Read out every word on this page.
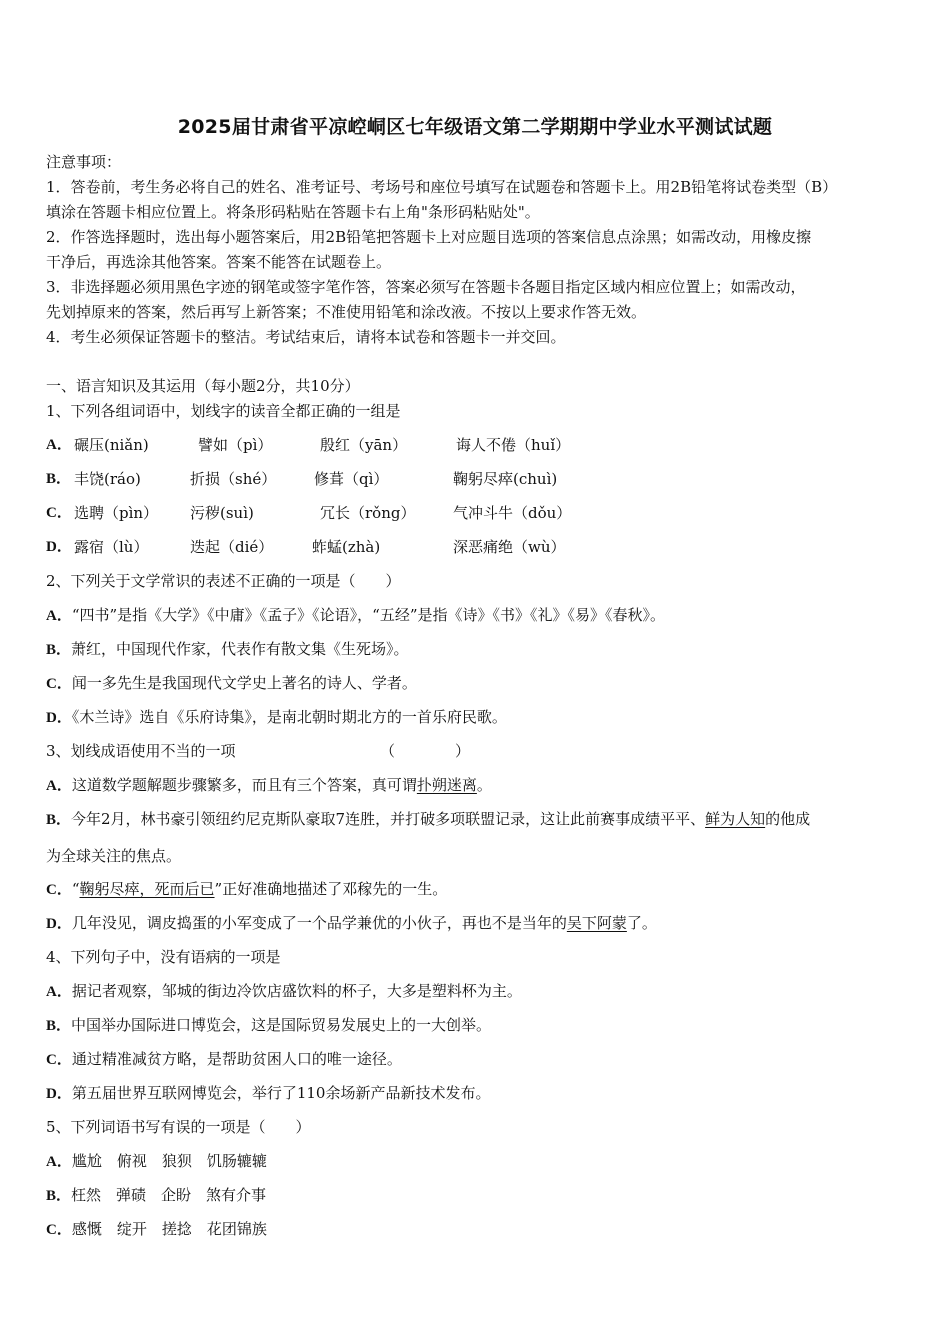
2025届甘肃省平凉崆峒区七年级语文第二学期期中学业水平测试试题
注意事项：
1．答卷前，考生务必将自己的姓名、准考证号、考场号和座位号填写在试题卷和答题卡上。用2B铅笔将试卷类型（B）
填涂在答题卡相应位置上。将条形码粘贴在答题卡右上角"条形码粘贴处"。
2．作答选择题时，选出每小题答案后，用2B铅笔把答题卡上对应题目选项的答案信息点涂黑；如需改动，用橡皮擦
干净后，再选涂其他答案。答案不能答在试题卷上。
3．非选择题必须用黑色字迹的钢笔或签字笔作答，答案必须写在答题卡各题目指定区域内相应位置上；如需改动，
先划掉原来的答案，然后再写上新答案；不准使用铅笔和涂改液。不按以上要求作答无效。
4．考生必须保证答题卡的整洁。考试结束后，请将本试卷和答题卡一并交回。
一、语言知识及其运用（每小题2分，共10分）
1、下列各组词语中，划线字的读音全都正确的一组是
A． 碾压(niǎn)	譬如（pì）	殷红（yān）	诲人不倦（huǐ）
B． 丰饶(ráo)	折损（shé）	修葺（qì）	鞠躬尽瘁(chuì)
C． 选聘（pìn） 污秽(suì)	冗长（rǒng）	气冲斗牛（dǒu）
D． 露宿（lù）	迭起（dié）	蚱蜢(zhà)	深恶痛绝（wù）
2、下列关于文学常识的表述不正确的一项是（　　）
A．“四书”是指《大学》《中庸》《孟子》《论语》，“五经”是指《诗》《书》《礼》《易》《春秋》。
B．萧红，中国现代作家，代表作有散文集《生死场》。
C．闻一多先生是我国现代文学史上著名的诗人、学者。
D．《木兰诗》选自《乐府诗集》，是南北朝时期北方的一首乐府民歌。
3、划线成语使用不当的一项	（　　　　）
A．这道数学题解题步骤繁多，而且有三个答案，真可谓扑朔迷离。
B．今年2月，林书豪引领纽约尼克斯队豪取7连胜，并打破多项联盟记录，这让此前赛事成绩平平、鲜为人知的他成
为全球关注的焦点。
C．“鞠躬尽瘁，死而后已”正好准确地描述了邓稼先的一生。
D．几年没见，调皮捣蛋的小军变成了一个品学兼优的小伙子，再也不是当年的吴下阿蒙了。
4、下列句子中，没有语病的一项是
A．据记者观察，邹城的街边冷饮店盛饮料的杯子，大多是塑料杯为主。
B．中国举办国际进口博览会，这是国际贸易发展史上的一大创举。
C．通过精准减贫方略，是帮助贫困人口的唯一途径。
D．第五届世界互联网博览会，举行了110余场新产品新技术发布。
5、下列词语书写有误的一项是（　　）
A．尴尬　俯视　狼狈　饥肠辘辘
B．枉然　弹碛　企盼　煞有介事
C．感慨　绽开　搓捻　花团锦族
